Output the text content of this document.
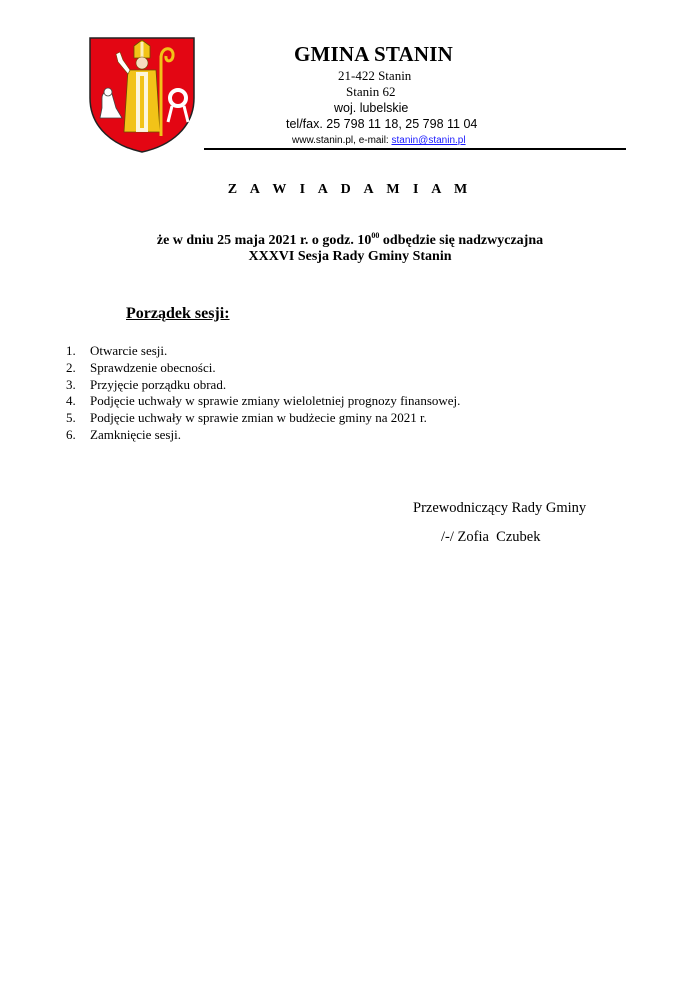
GMINA STANIN
21-422 Stanin
Stanin 62
woj. lubelskie
tel/fax. 25 798 11 18, 25 798 11 04
www.stanin.pl, e-mail: stanin@stanin.pl
Z A W I A D A M I A M
że w dniu 25 maja 2021 r. o godz. $10^{00}$ odbędzie się nadzwyczajna
XXXVI Sesja Rady Gminy Stanin
Porządek sesji:
1. Otwarcie sesji.
2. Sprawdzenie obecności.
3. Przyjęcie porządku obrad.
4. Podjęcie uchwały w sprawie zmiany wieloletniej prognozy finansowej.
5. Podjęcie uchwały w sprawie zmian w budżecie gminy na 2021 r.
6. Zamknięcie sesji.
Przewodniczący Rady Gminy
/-/ Zofia  Czubek
